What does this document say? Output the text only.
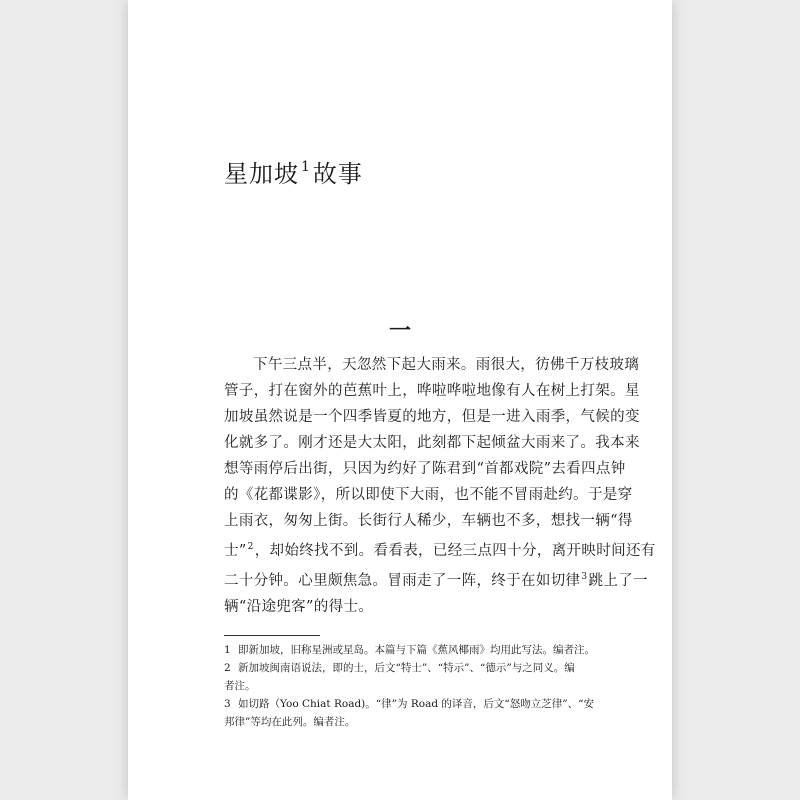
星加坡 $^1$故事
一
下午三点半，天忽然下起大雨来。雨很大，彷佛千万枝玻璃
管子，打在窗外的芭蕉叶上，哗啦哗啦地像有人在树上打架。星
加坡虽然说是一个四季皆夏的地方，但是一进入雨季，气候的变
化就多了。刚才还是大太阳，此刻都下起倾盆大雨来了。我本来
想等雨停后出街，只因为约好了陈君到“首都戏院”去看四点钟
的《花都谍影》，所以即使下大雨，也不能不冒雨赴约。于是穿
上雨衣，匆匆上街。长街行人稀少，车辆也不多，想找一辆“得
士”$^2$，却始终找不到。看看表，已经三点四十分，离开映时间还有
二十分钟。心里颇焦急。冒雨走了一阵，终于在如切律$^3$跳上了一
辆“沿途兜客”的得士。

1 即新加坡，旧称星洲或星岛。本篇与下篇《蕉风椰雨》均用此写法。编者注。

2 新加坡闽南语说法，即的士，后文“特士”、“特示”、“德示”与之同义。编

者注。

3 如切路（Yoo Chiat Road)。“律”为 Road 的译音，后文“怒吻立芝律”、“安

邦律”等均在此列。编者注。
